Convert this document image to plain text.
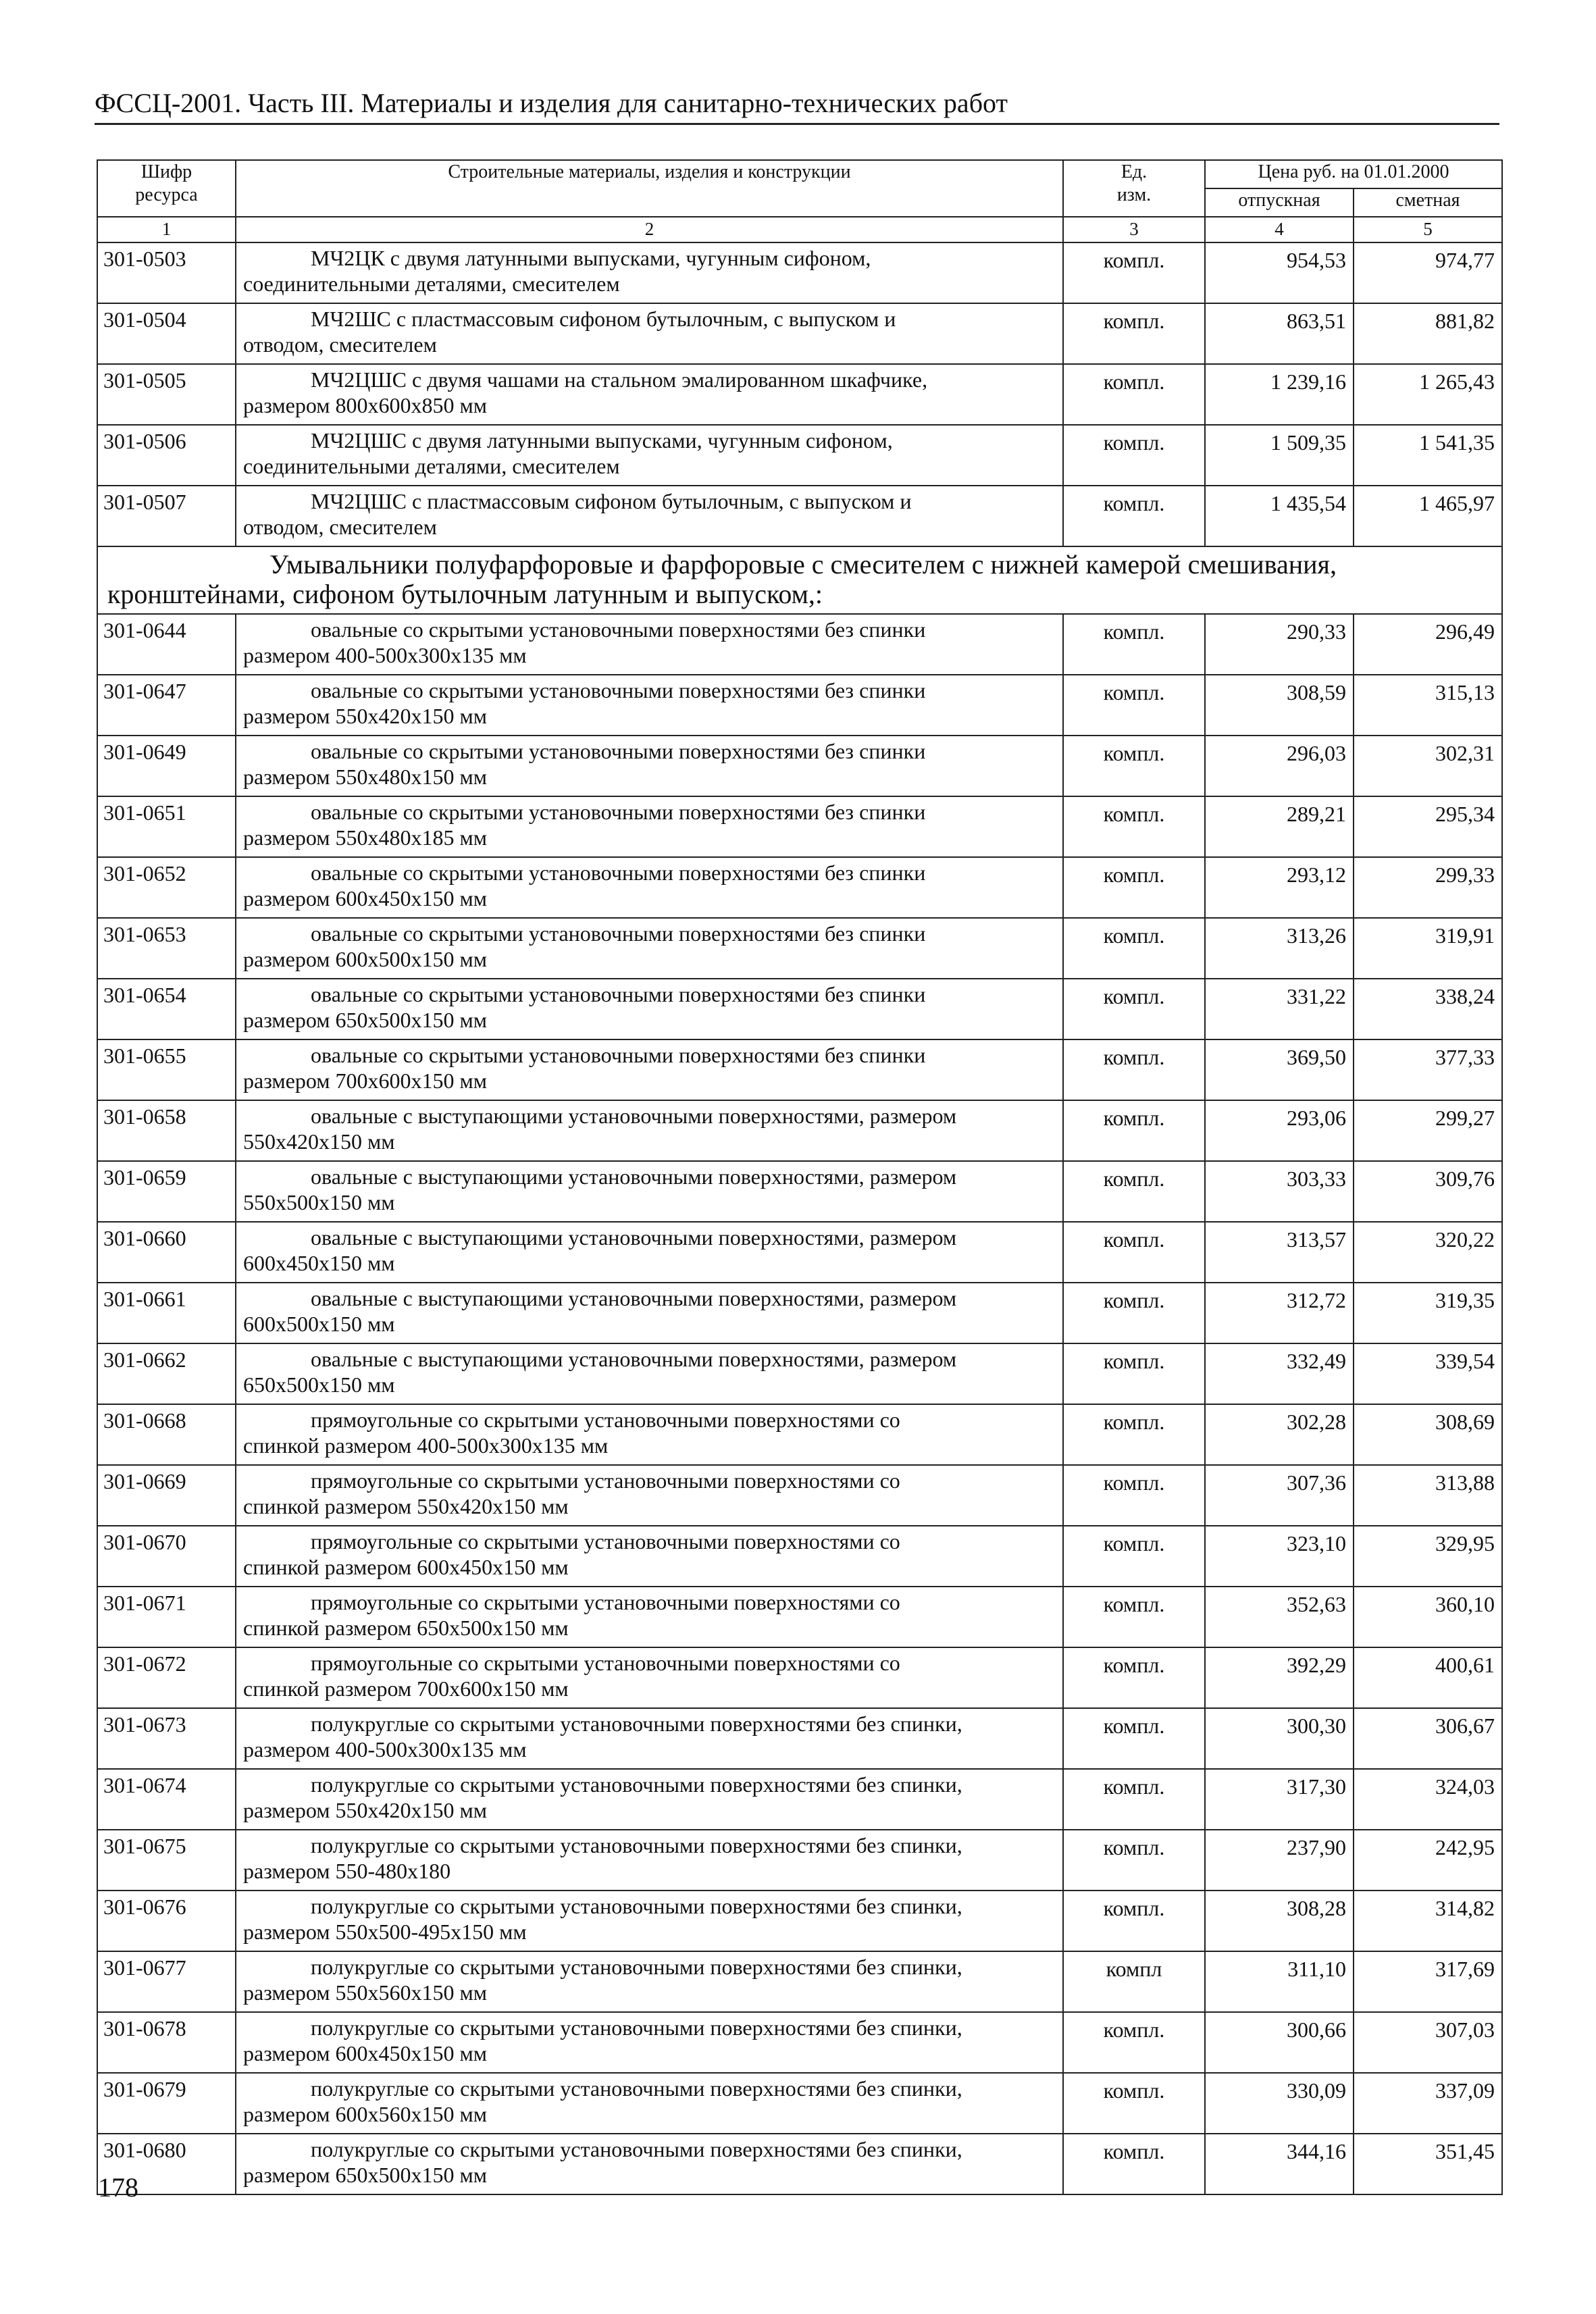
ФССЦ-2001. Часть III. Материалы и изделия для санитарно-технических работ
Шифр
ресурса	Строительные материалы, изделия и конструкции	Ед.
изм.	Цена руб. на 01.01.2000	
			отпускная	сметная
1	2	3	4	5
301-0503	МЧ2ЦК с двумя латунными выпусками, чугунным сифоном,
соединительными деталями, смесителем	компл.	954,53	974,77
301-0504	МЧ2ШС с пластмассовым сифоном бутылочным, с выпуском и
отводом, смесителем	компл.	863,51	881,82
301-0505	МЧ2ЦШС с двумя чашами на стальном эмалированном шкафчике,
размером 800х600х850 мм	компл.	1 239,16	1 265,43
301-0506	МЧ2ЦШС с двумя латунными выпусками, чугунным сифоном,
соединительными деталями, смесителем	компл.	1 509,35	1 541,35
301-0507	МЧ2ЦШС с пластмассовым сифоном бутылочным, с выпуском и
отводом, смесителем	компл.	1 435,54	1 465,97

Умывальники полуфарфоровые и фарфоровые с смесителем с нижней камерой смешивания,
кронштейнами, сифоном бутылочным латунным и выпуском,:				

301-0644	овальные со скрытыми установочными поверхностями без спинки
размером 400-500х300х135 мм	компл.	290,33	296,49
301-0647	овальные со скрытыми установочными поверхностями без спинки
размером 550х420х150 мм	компл.	308,59	315,13
301-0649	овальные со скрытыми установочными поверхностями без спинки
размером 550х480х150 мм	компл.	296,03	302,31
301-0651	овальные со скрытыми установочными поверхностями без спинки
размером 550х480х185 мм	компл.	289,21	295,34
301-0652	овальные со скрытыми установочными поверхностями без спинки
размером 600х450х150 мм	компл.	293,12	299,33
301-0653	овальные со скрытыми установочными поверхностями без спинки
размером 600х500х150 мм	компл.	313,26	319,91
301-0654	овальные со скрытыми установочными поверхностями без спинки
размером 650х500х150 мм	компл.	331,22	338,24
301-0655	овальные со скрытыми установочными поверхностями без спинки
размером 700х600х150 мм	компл.	369,50	377,33
301-0658	овальные с выступающими установочными поверхностями, размером
550х420х150 мм	компл.	293,06	299,27
301-0659	овальные с выступающими установочными поверхностями, размером
550х500х150 мм	компл.	303,33	309,76
301-0660	овальные с выступающими установочными поверхностями, размером
600х450х150 мм	компл.	313,57	320,22
301-0661	овальные с выступающими установочными поверхностями, размером
600х500х150 мм	компл.	312,72	319,35
301-0662	овальные с выступающими установочными поверхностями, размером
650х500х150 мм	компл.	332,49	339,54
301-0668	прямоугольные со скрытыми установочными поверхностями со
спинкой размером 400-500х300х135 мм	компл.	302,28	308,69
301-0669	прямоугольные со скрытыми установочными поверхностями со
спинкой размером 550х420х150 мм	компл.	307,36	313,88
301-0670	прямоугольные со скрытыми установочными поверхностями со
спинкой размером 600х450х150 мм	компл.	323,10	329,95
301-0671	прямоугольные со скрытыми установочными поверхностями со
спинкой размером 650х500х150 мм	компл.	352,63	360,10
301-0672	прямоугольные со скрытыми установочными поверхностями со
спинкой размером 700х600х150 мм	компл.	392,29	400,61
301-0673	полукруглые со скрытыми установочными поверхностями без спинки,
размером 400-500х300х135 мм	компл.	300,30	306,67
301-0674	полукруглые со скрытыми установочными поверхностями без спинки,
размером 550х420х150 мм	компл.	317,30	324,03
301-0675	полукруглые со скрытыми установочными поверхностями без спинки,
размером 550-480х180	компл.	237,90	242,95
301-0676	полукруглые со скрытыми установочными поверхностями без спинки,
размером 550х500-495х150 мм	компл.	308,28	314,82
301-0677	полукруглые со скрытыми установочными поверхностями без спинки,
размером 550х560х150 мм	компл	311,10	317,69
301-0678	полукруглые со скрытыми установочными поверхностями без спинки,
размером 600х450х150 мм	компл.	300,66	307,03
301-0679	полукруглые со скрытыми установочными поверхностями без спинки,
размером 600х560х150 мм	компл.	330,09	337,09
301-0680	полукруглые со скрытыми установочными поверхностями без спинки,
размером 650х500х150 мм	компл.	344,16	351,45
178
